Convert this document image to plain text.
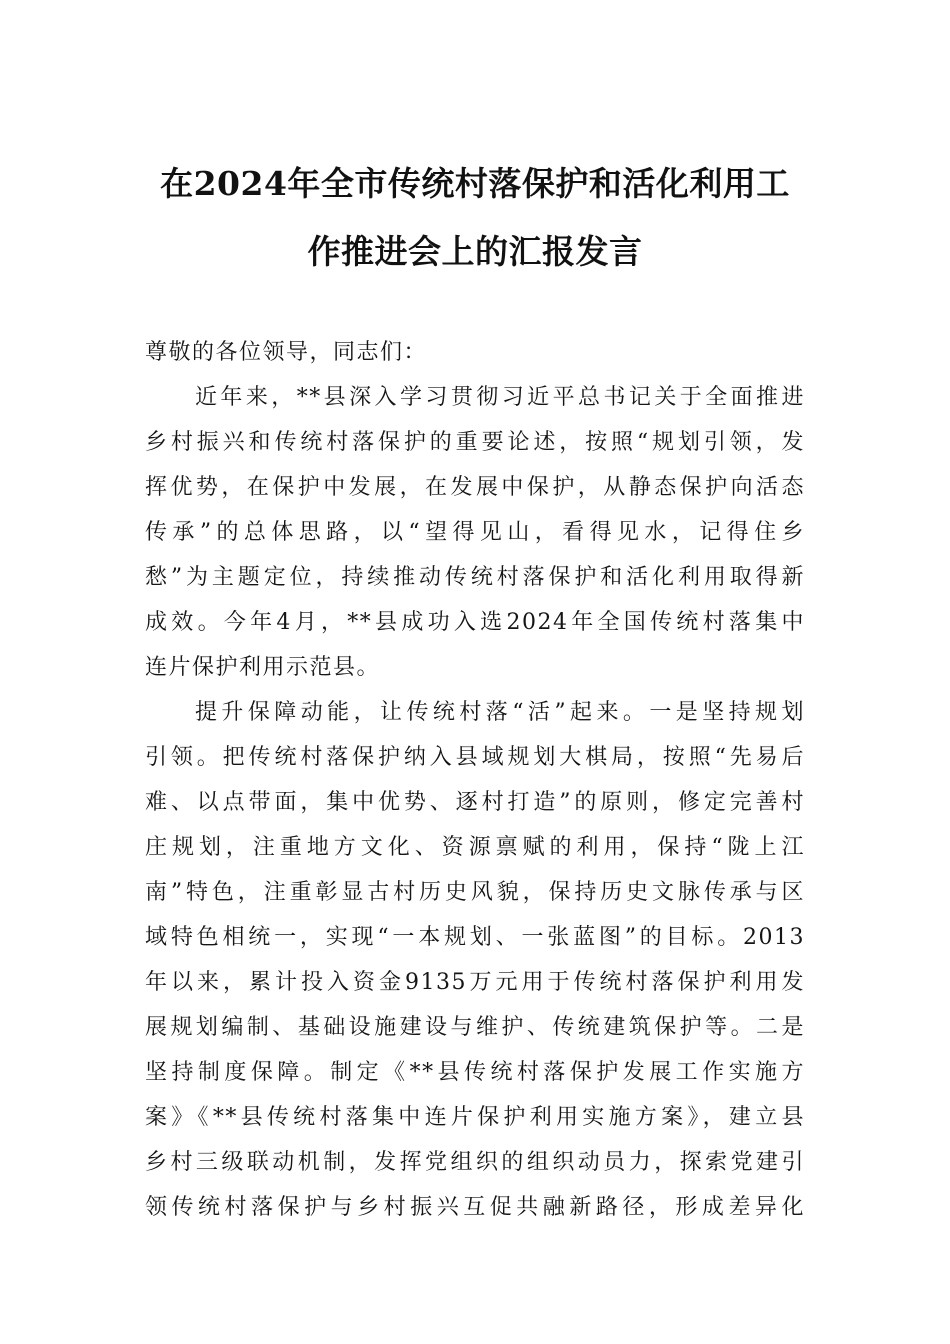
在2024年全市传统村落保护和活化利用工
作推进会上的汇报发言
尊敬的各位领导，同志们：
近年来，**县深入学习贯彻习近平总书记关于全面推进
乡村振兴和传统村落保护的重要论述，按照“规划引领，发
挥优势，在保护中发展，在发展中保护，从静态保护向活态
传承”的总体思路，以“望得见山，看得见水，记得住乡
愁”为主题定位，持续推动传统村落保护和活化利用取得新
成效。今年4月，**县成功入选2024年全国传统村落集中
连片保护利用示范县。
提升保障动能，让传统村落“活”起来。一是坚持规划
引领。把传统村落保护纳入县域规划大棋局，按照“先易后
难、以点带面，集中优势、逐村打造”的原则，修定完善村
庄规划，注重地方文化、资源禀赋的利用，保持“陇上江
南”特色，注重彰显古村历史风貌，保持历史文脉传承与区
域特色相统一，实现“一本规划、一张蓝图”的目标。2013
年以来，累计投入资金9135万元用于传统村落保护利用发
展规划编制、基础设施建设与维护、传统建筑保护等。二是
坚持制度保障。制定《**县传统村落保护发展工作实施方
案》《**县传统村落集中连片保护利用实施方案》，建立县
乡村三级联动机制，发挥党组织的组织动员力，探索党建引
领传统村落保护与乡村振兴互促共融新路径，形成差异化
